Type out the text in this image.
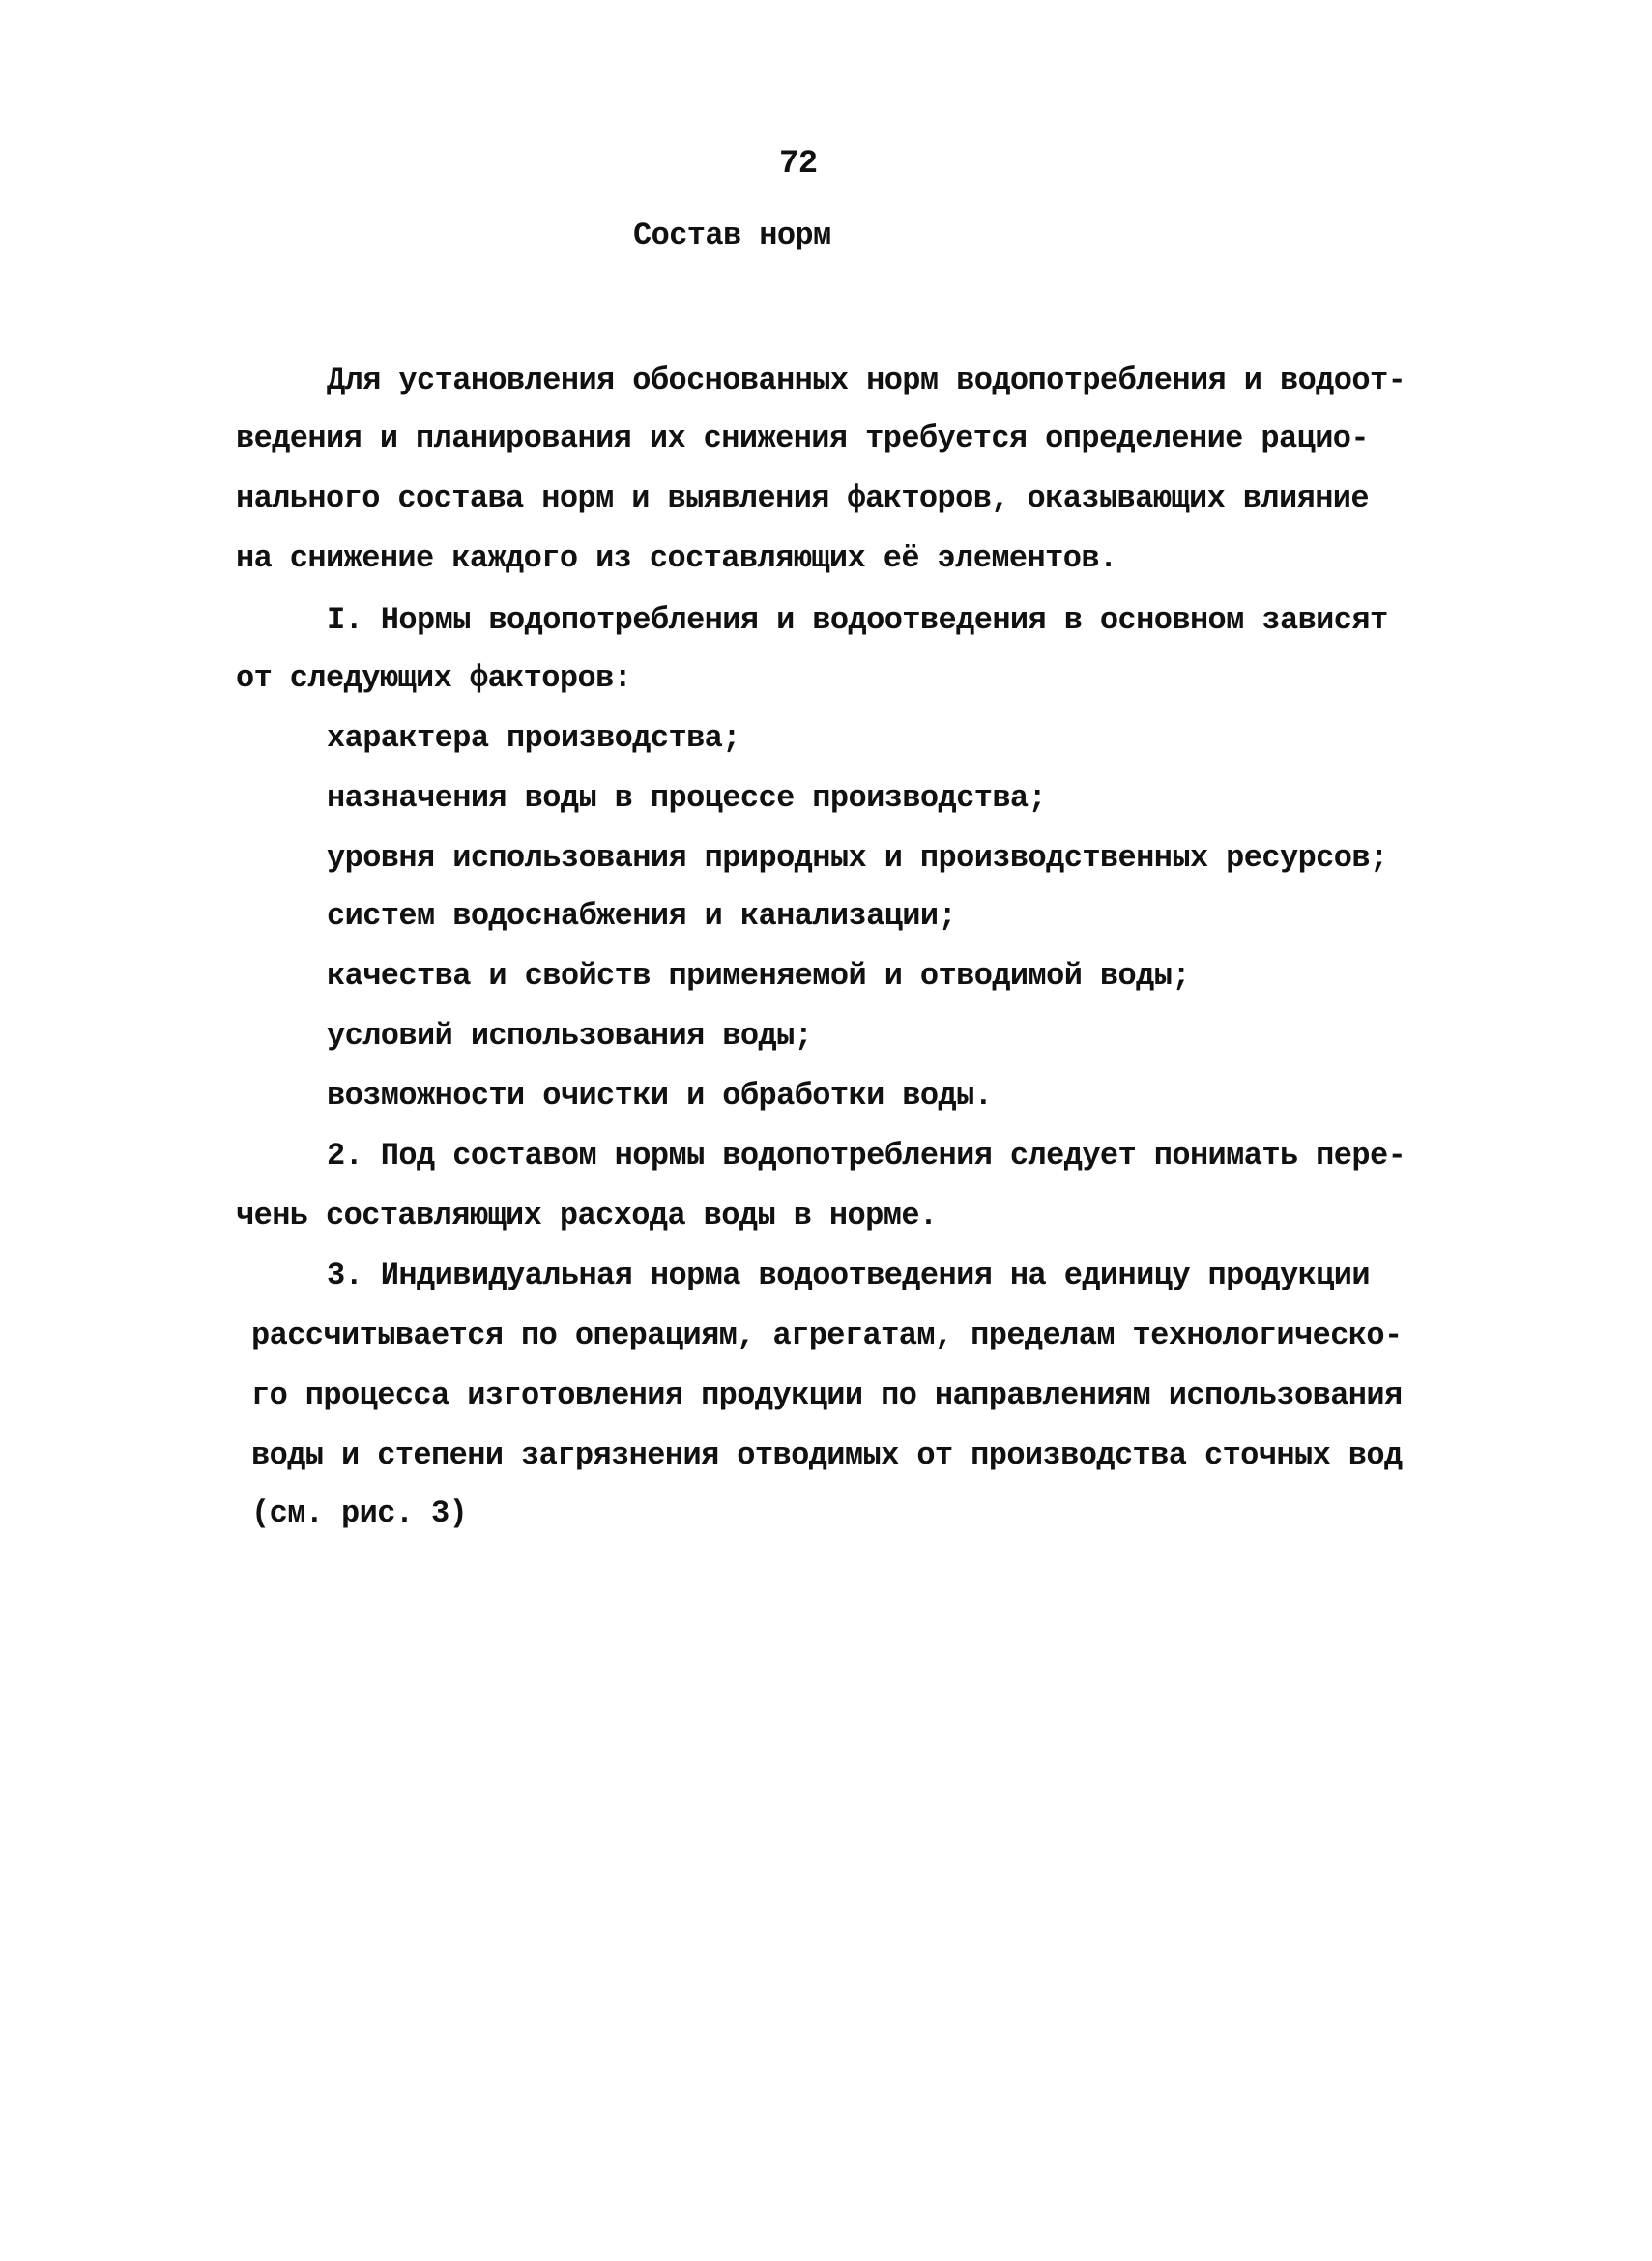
72
Состав норм
Для установления обоснованных норм водопотребления и водоот-
ведения и планирования их снижения требуется определение рацио-
нального состава норм и выявления факторов, оказывающих влияние
на снижение каждого из составляющих её элементов.
I. Нормы водопотребления и водоотведения в основном зависят
от следующих факторов:
характера производства;
назначения воды в процессе производства;
уровня использования природных и производственных ресурсов;
систем водоснабжения и канализации;
качества и свойств применяемой и отводимой воды;
условий использования воды;
возможности очистки и обработки воды.
2. Под составом нормы водопотребления следует понимать пере-
чень составляющих расхода воды в норме.
3. Индивидуальная норма водоотведения на единицу продукции
рассчитывается по операциям, агрегатам, пределам технологическо-
го процесса изготовления продукции по направлениям использования
воды и степени загрязнения отводимых от производства сточных вод
(см. рис. 3)
